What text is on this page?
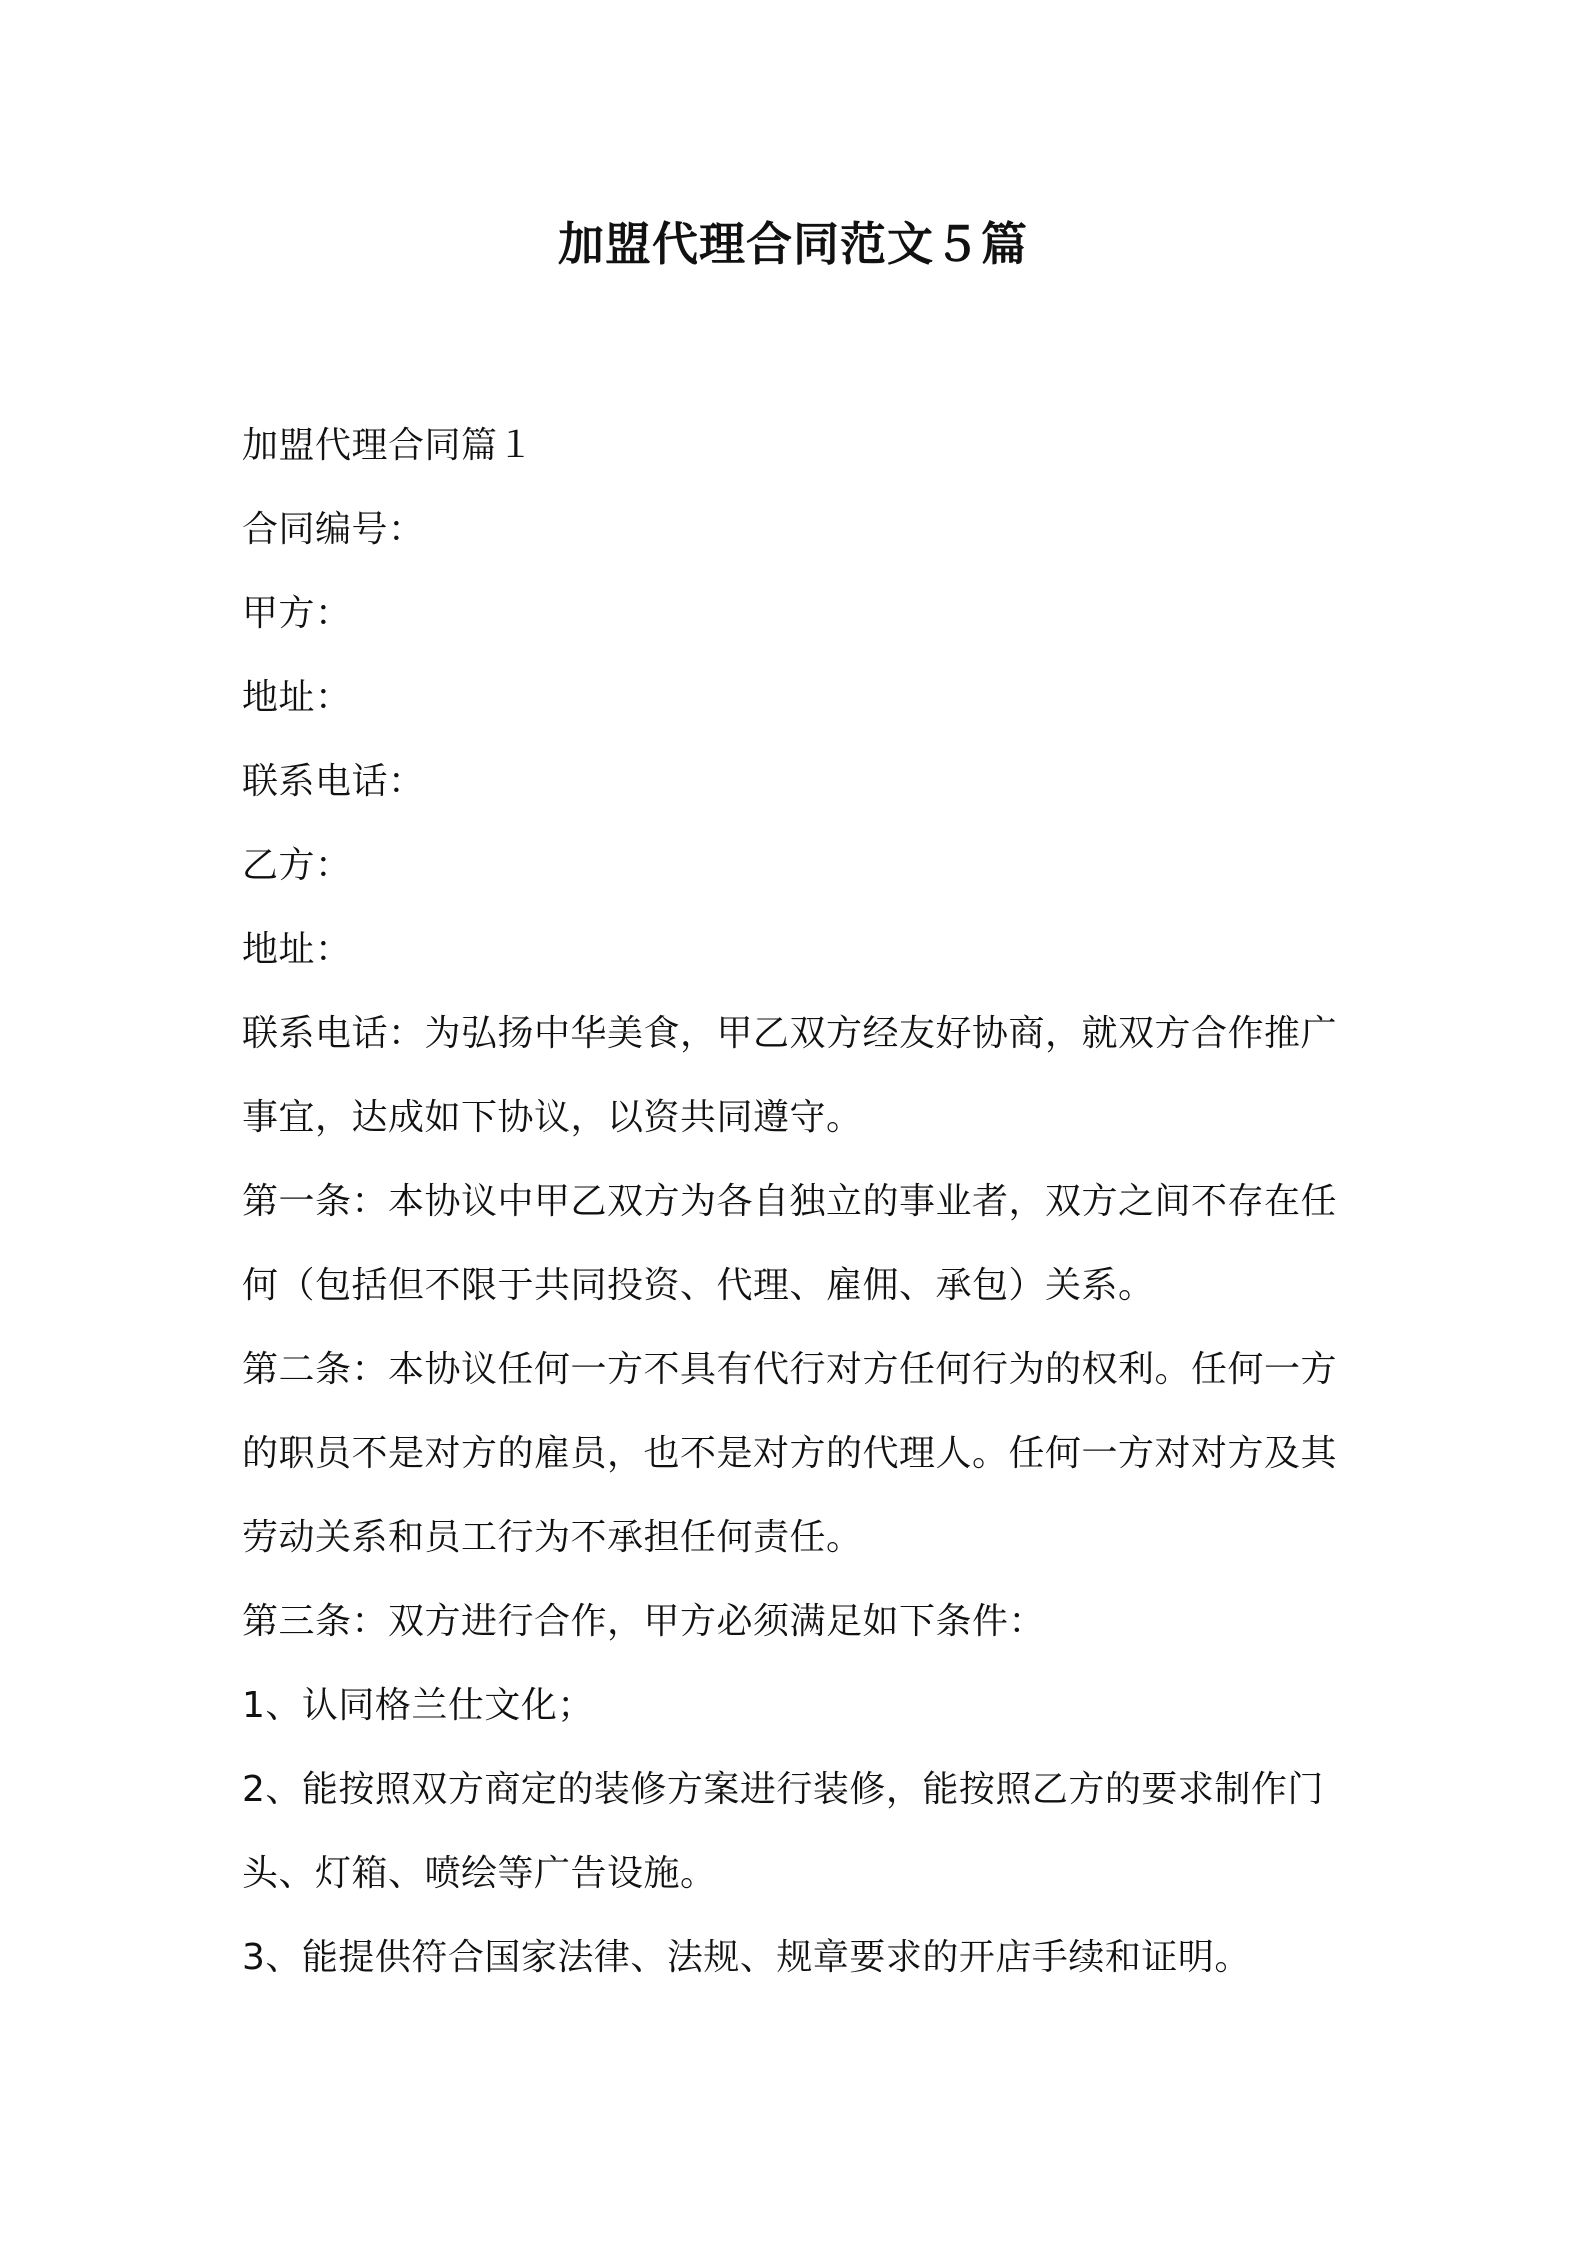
加盟代理合同范文５篇

加盟代理合同篇１

合同编号：

甲方：

地址：

联系电话：

乙方：

地址：

联系电话：为弘扬中华美食，甲乙双方经友好协商，就双方合作推广事宜，达成如下协议，以资共同遵守。

第一条：本协议中甲乙双方为各自独立的事业者，双方之间不存在任何（包括但不限于共同投资、代理、雇佣、承包）关系。

第二条：本协议任何一方不具有代行对方任何行为的权利。任何一方的职员不是对方的雇员，也不是对方的代理人。任何一方对对方及其劳动关系和员工行为不承担任何责任。

第三条：双方进行合作，甲方必须满足如下条件：

1、认同格兰仕文化；

2、能按照双方商定的装修方案进行装修，能按照乙方的要求制作门头、灯箱、喷绘等广告设施。

3、能提供符合国家法律、法规、规章要求的开店手续和证明。
